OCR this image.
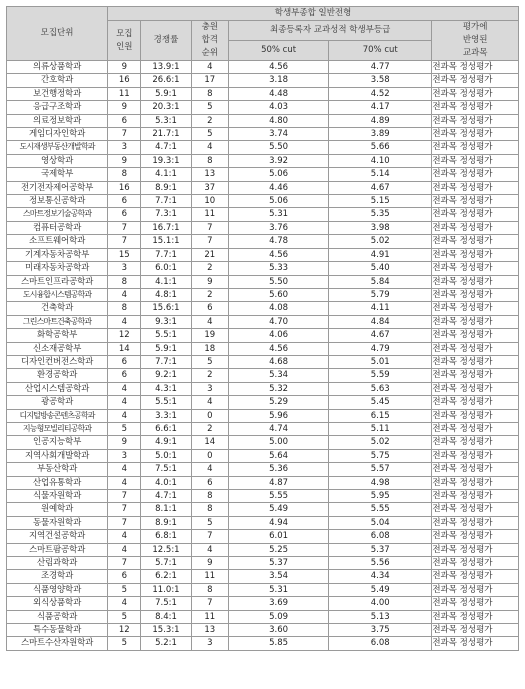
모집단위	학생부종합 일반전형					
	모집
인원	경쟁률	충원
합격
순위	최종등록자 교과성적 학생부등급		평가에
반영된
교과목
				50% cut	70% cut	
의류상품학과	9	13.9:1	4	4.56	4.77	전과목 정성평가
간호학과	16	26.6:1	17	3.18	3.58	전과목 정성평가
보건행정학과	11	5.9:1	8	4.48	4.52	전과목 정성평가
응급구조학과	9	20.3:1	5	4.03	4.17	전과목 정성평가
의료정보학과	6	5.3:1	2	4.80	4.89	전과목 정성평가
게임디자인학과	7	21.7:1	5	3.74	3.89	전과목 정성평가
도시재생부동산개발학과	3	4.7:1	4	5.50	5.66	전과목 정성평가
영상학과	9	19.3:1	8	3.92	4.10	전과목 정성평가
국제학부	8	4.1:1	13	5.06	5.14	전과목 정성평가
전기전자제어공학부	16	8.9:1	37	4.46	4.67	전과목 정성평가
정보통신공학과	6	7.7:1	10	5.06	5.15	전과목 정성평가
스마트정보기술공학과	6	7.3:1	11	5.31	5.35	전과목 정성평가
컴퓨터공학과	7	16.7:1	7	3.76	3.98	전과목 정성평가
소프트웨어학과	7	15.1:1	7	4.78	5.02	전과목 정성평가
기계자동차공학부	15	7.7:1	21	4.56	4.91	전과목 정성평가
미래자동차공학과	3	6.0:1	2	5.33	5.40	전과목 정성평가
스마트인프라공학과	8	4.1:1	9	5.50	5.84	전과목 정성평가
도시융합시스템공학과	4	4.8:1	2	5.60	5.79	전과목 정성평가
건축학과	8	15.6:1	6	4.08	4.11	전과목 정성평가
그린스마트건축공학과	4	9.3:1	4	4.70	4.84	전과목 정성평가
화학공학부	12	5.5:1	19	4.06	4.67	전과목 정성평가
신소재공학부	14	5.9:1	18	4.56	4.79	전과목 정성평가
디자인컨버전스학과	6	7.7:1	5	4.68	5.01	전과목 정성평가
환경공학과	6	9.2:1	2	5.34	5.59	전과목 정성평가
산업시스템공학과	4	4.3:1	3	5.32	5.63	전과목 정성평가
광공학과	4	5.5:1	4	5.29	5.45	전과목 정성평가
디지털방송콘텐츠공학과	4	3.3:1	0	5.96	6.15	전과목 정성평가
지능형모빌리티공학과	5	6.6:1	2	4.74	5.11	전과목 정성평가
인공지능학부	9	4.9:1	14	5.00	5.02	전과목 정성평가
지역사회개발학과	3	5.0:1	0	5.64	5.75	전과목 정성평가
부동산학과	4	7.5:1	4	5.36	5.57	전과목 정성평가
산업유통학과	4	4.0:1	6	4.87	4.98	전과목 정성평가
식물자원학과	7	4.7:1	8	5.55	5.95	전과목 정성평가
원예학과	7	8.1:1	8	5.49	5.55	전과목 정성평가
동물자원학과	7	8.9:1	5	4.94	5.04	전과목 정성평가
지역건설공학과	4	6.8:1	7	6.01	6.08	전과목 정성평가
스마트팜공학과	4	12.5:1	4	5.25	5.37	전과목 정성평가
산림과학과	7	5.7:1	9	5.37	5.56	전과목 정성평가
조경학과	6	6.2:1	11	3.54	4.34	전과목 정성평가
식품영양학과	5	11.0:1	8	5.31	5.49	전과목 정성평가
외식상품학과	4	7.5:1	7	3.69	4.00	전과목 정성평가
식품공학과	5	8.4:1	11	5.09	5.13	전과목 정성평가
특수동물학과	12	15.3:1	13	3.60	3.75	전과목 정성평가
스마트수산자원학과	5	5.2:1	3	5.85	6.08	전과목 정성평가
